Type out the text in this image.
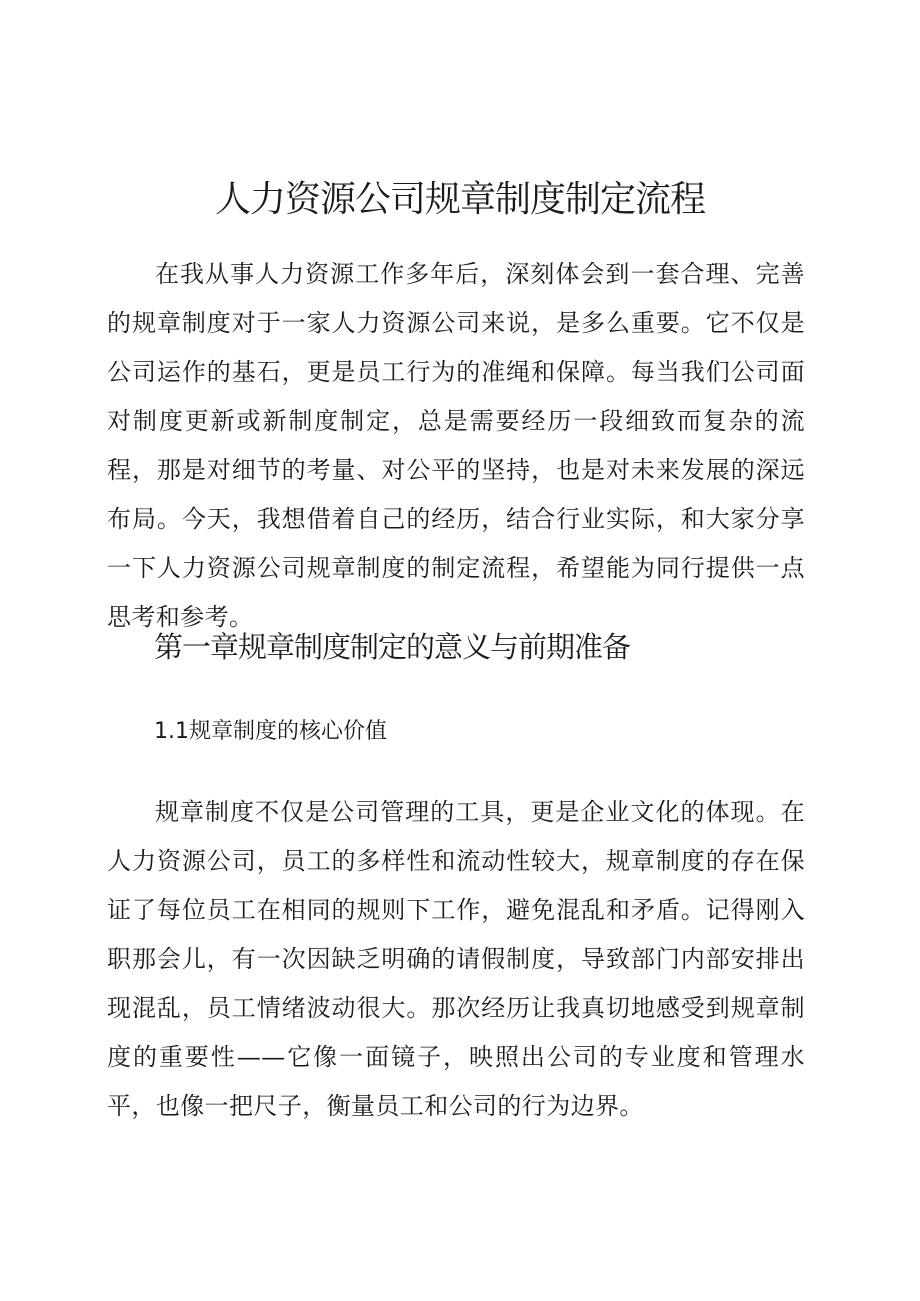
人力资源公司规章制度制定流程

在我从事人力资源工作多年后，深刻体会到一套合理、完善的规章制度对于一家人力资源公司来说，是多么重要。它不仅是公司运作的基石，更是员工行为的准绳和保障。每当我们公司面对制度更新或新制度制定，总是需要经历一段细致而复杂的流程，那是对细节的考量、对公平的坚持，也是对未来发展的深远布局。今天，我想借着自己的经历，结合行业实际，和大家分享一下人力资源公司规章制度的制定流程，希望能为同行提供一点思考和参考。

第一章规章制度制定的意义与前期准备
1.1规章制度的核心价值

规章制度不仅是公司管理的工具，更是企业文化的体现。在人力资源公司，员工的多样性和流动性较大，规章制度的存在保证了每位员工在相同的规则下工作，避免混乱和矛盾。记得刚入职那会儿，有一次因缺乏明确的请假制度，导致部门内部安排出现混乱，员工情绪波动很大。那次经历让我真切地感受到规章制度的重要性——它像一面镜子，映照出公司的专业度和管理水平，也像一把尺子，衡量员工和公司的行为边界。
